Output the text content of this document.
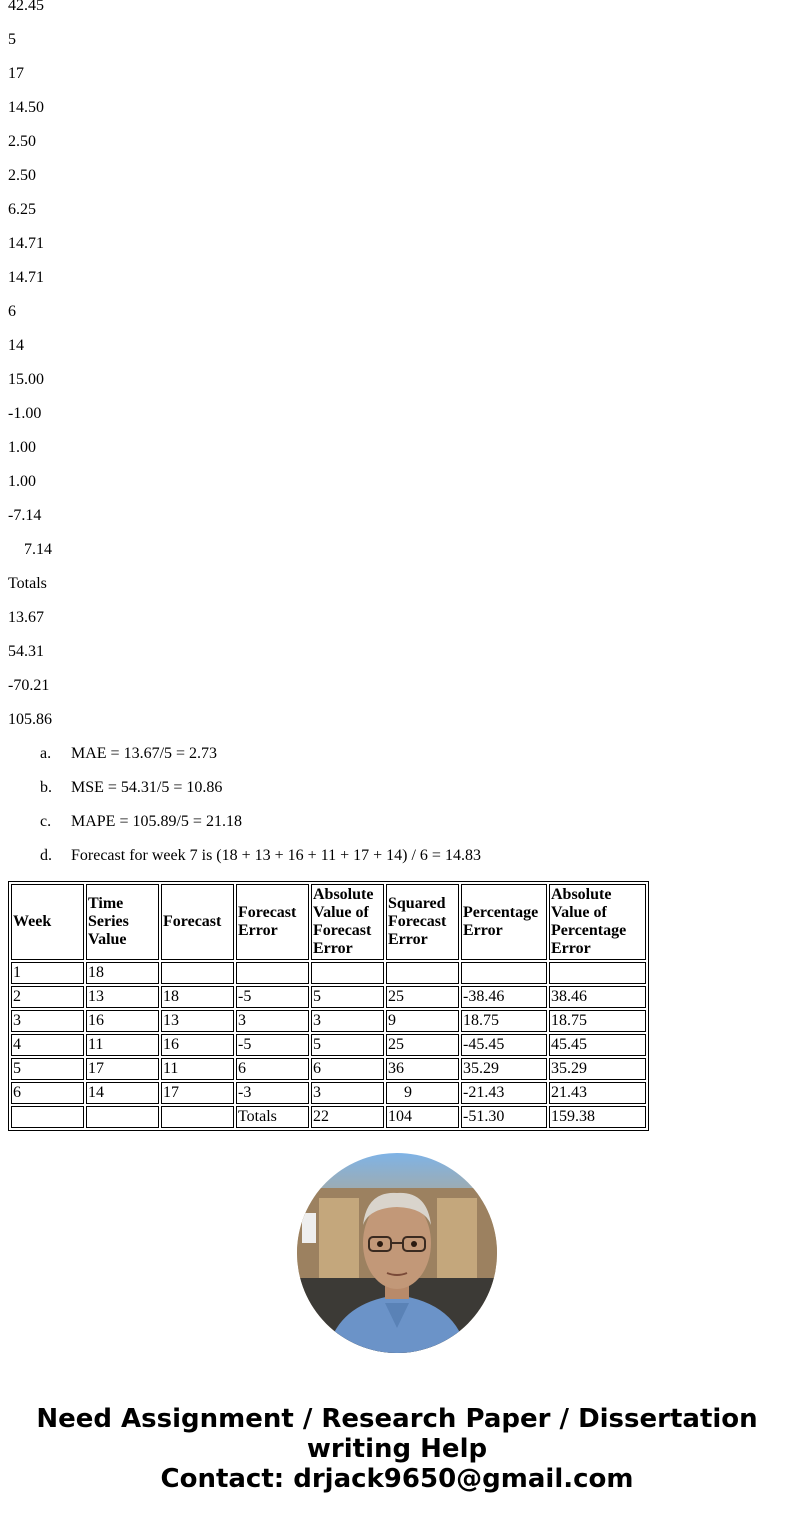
42.45
5
17
14.50
2.50
2.50
6.25
14.71
14.71
6
14
15.00
-1.00
1.00
1.00
-7.14
7.14
Totals
13.67
54.31
-70.21
105.86
a. MAE = 13.67/5 = 2.73
b. MSE = 54.31/5 = 10.86
c. MAPE = 105.89/5 = 21.18
d. Forecast for week 7 is (18 + 13 + 16 + 11 + 17 + 14) / 6 = 14.83
Week	Time Series Value	Forecast	Forecast Error	Absolute Value of Forecast Error	Squared Forecast Error	Percentage Error	Absolute Value of Percentage Error
1	18						
2	13	18	-5	5	25	-38.46	38.46
3	16	13	3	3	9	18.75	18.75
4	11	16	-5	5	25	-45.45	45.45
5	17	11	6	6	36	35.29	35.29
6	14	17	-3	3	9	-21.43	21.43
			Totals	22	104	-51.30	159.38
Need Assignment / Research Paper / Dissertation
writing Help
Contact: drjack9650@gmail.com
